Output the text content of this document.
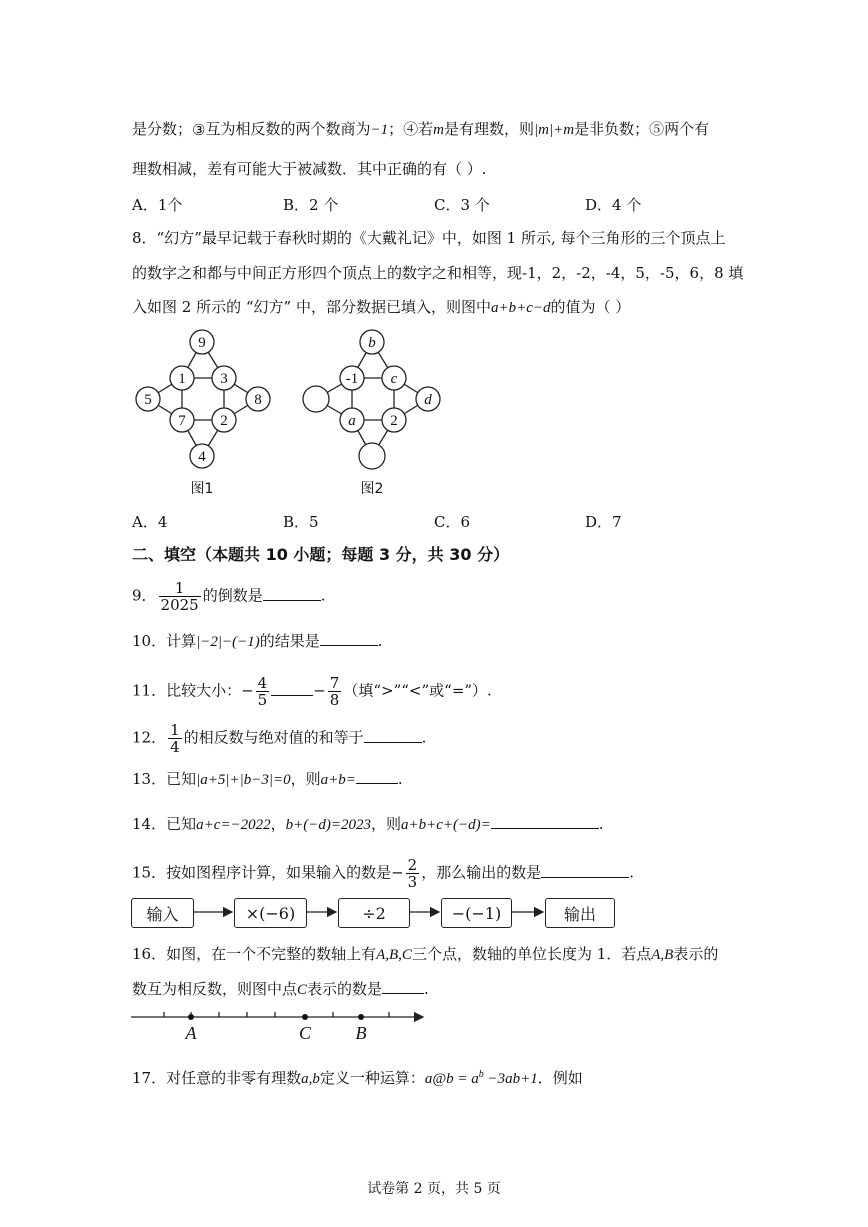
是分数；③互为相反数的两个数商为−1；④若m是有理数，则|m|+m是非负数；⑤两个有
理数相减，差有可能大于被减数．其中正确的有（ ）.
A．1个	B．2 个	C．3 个	D．4 个
8．“幻方”最早记载于春秋时期的《大戴礼记》中，如图 1 所示, 每个三角形的三个顶点上
的数字之和都与中间正方形四个顶点上的数字之和相等，现-1，2，-2，-4，5，-5，6，8 填
入如图 2 所示的 “幻方” 中，部分数据已填入，则图中a+b+c−d的值为（ ）
9
1 3
5	8
7 2
4
图1
b
-1 c
d
a 2
图2
A．4	B．5	C．6	D．7
二、填空（本题共 10 小题；每题 3 分，共 30 分）
9． $\frac{1}{2025}$ 的倒数是	.
10．计算|−2|−(−1)的结果是	.
11．比较大小：− $\frac{4}{5}$	− $\frac{7}{8}$ （填“>”“<”或“=”）.
12． $\frac{1}{4}$ 的相反数与绝对值的和等于	.
13．已知|a+5|+|b−3|=0，则a+b=	.
14．已知a+c=−2022，b+(−d)=2023，则a+b+c+(−d)=	.
15．按如图程序计算，如果输入的数是− $\frac{2}{3}$ ，那么输出的数是	.
输入	×(−6)	÷2	−(−1)	输出
16．如图，在一个不完整的数轴上有A,B,C三个点，数轴的单位长度为 1．若点A,B表示的
数互为相反数，则图中点C表示的数是	.
A	C B
17．对任意的非零有理数a,b定义一种运算：a@b = $a^b -3ab+1$．例如
试卷第 2 页，共 5 页
